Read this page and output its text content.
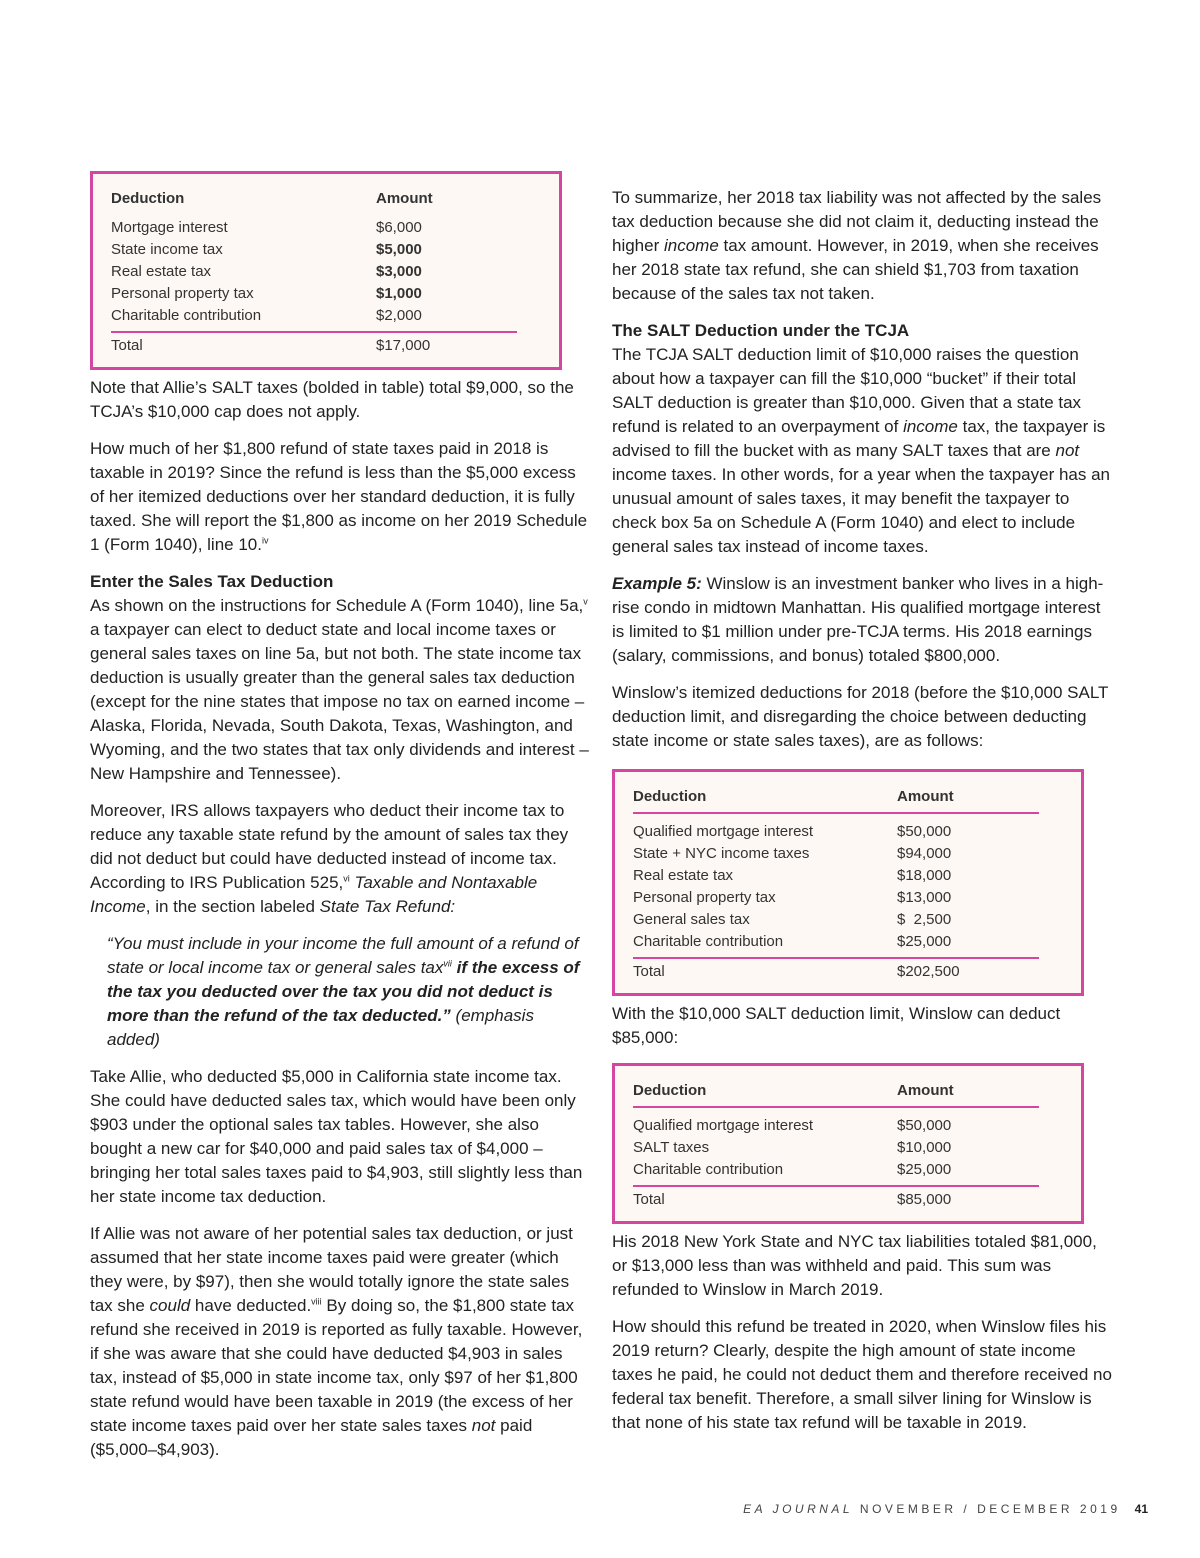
Deduction	Amount
Mortgage interest	$6,000
State income tax	$5,000
Real estate tax	$3,000
Personal property tax	$1,000
Charitable contribution	$2,000
Total	$17,000

Note that Allie’s SALT taxes (bolded in table) total $9,000, so the TCJA’s $10,000 cap does not apply.

How much of her $1,800 refund of state taxes paid in 2018 is taxable in 2019? Since the refund is less than the $5,000 excess of her itemized deductions over her standard deduction, it is fully taxed. She will report the $1,800 as income on her 2019 Schedule 1 (Form 1040), line 10.$^{iv}$

Enter the Sales Tax Deduction

As shown on the instructions for Schedule A (Form 1040), line 5a,$^v$ a taxpayer can elect to deduct state and local income taxes or general sales taxes on line 5a, but not both. The state income tax deduction is usually greater than the general sales tax deduction (except for the nine states that impose no tax on earned income – Alaska, Florida, Nevada, South Dakota, Texas, Washington, and Wyoming, and the two states that tax only dividends and interest – New Hampshire and Tennessee).

Moreover, IRS allows taxpayers who deduct their income tax to reduce any taxable state refund by the amount of sales tax they did not deduct but could have deducted instead of income tax. According to IRS Publication 525,$^{vi}$ Taxable and Nontaxable Income, in the section labeled State Tax Refund:

“You must include in your income the full amount of a refund of state or local income tax or general sales tax$^{vii}$ if the excess of the tax you deducted over the tax you did not deduct is more than the refund of the tax deducted.” (emphasis added)

Take Allie, who deducted $5,000 in California state income tax. She could have deducted sales tax, which would have been only $903 under the optional sales tax tables. However, she also bought a new car for $40,000 and paid sales tax of $4,000 – bringing her total sales taxes paid to $4,903, still slightly less than her state income tax deduction.

If Allie was not aware of her potential sales tax deduction, or just assumed that her state income taxes paid were greater (which they were, by $97), then she would totally ignore the state sales tax she could have deducted.$^{viii}$ By doing so, the $1,800 state tax refund she received in 2019 is reported as fully taxable. However, if she was aware that she could have deducted $4,903 in sales tax, instead of $5,000 in state income tax, only $97 of her $1,800 state refund would have been taxable in 2019 (the excess of her state income taxes paid over her state sales taxes not paid ($5,000–$4,903).

To summarize, her 2018 tax liability was not affected by the sales tax deduction because she did not claim it, deducting instead the higher income tax amount. However, in 2019, when she receives her 2018 state tax refund, she can shield $1,703 from taxation because of the sales tax not taken.

The SALT Deduction under the TCJA

The TCJA SALT deduction limit of $10,000 raises the question about how a taxpayer can fill the $10,000 “bucket” if their total SALT deduction is greater than $10,000. Given that a state tax refund is related to an overpayment of income tax, the taxpayer is advised to fill the bucket with as many SALT taxes that are not income taxes. In other words, for a year when the taxpayer has an unusual amount of sales taxes, it may benefit the taxpayer to check box 5a on Schedule A (Form 1040) and elect to include general sales tax instead of income taxes.

Example 5: Winslow is an investment banker who lives in a high-rise condo in midtown Manhattan. His qualified mortgage interest is limited to $1 million under pre-TCJA terms. His 2018 earnings (salary, commissions, and bonus) totaled $800,000.

Winslow’s itemized deductions for 2018 (before the $10,000 SALT deduction limit, and disregarding the choice between deducting state income or state sales taxes), are as follows:

Deduction	Amount
Qualified mortgage interest	$50,000
State + NYC income taxes	$94,000
Real estate tax	$18,000
Personal property tax	$13,000
General sales tax	$  2,500
Charitable contribution	$25,000
Total	$202,500

With the $10,000 SALT deduction limit, Winslow can deduct $85,000:

Deduction	Amount
Qualified mortgage interest	$50,000
SALT taxes	$10,000
Charitable contribution	$25,000
Total	$85,000

His 2018 New York State and NYC tax liabilities totaled $81,000, or $13,000 less than was withheld and paid. This sum was refunded to Winslow in March 2019.

How should this refund be treated in 2020, when Winslow files his 2019 return? Clearly, despite the high amount of state income taxes he paid, he could not deduct them and therefore received no federal tax benefit. Therefore, a small silver lining for Winslow is that none of his state tax refund will be taxable in 2019.

EA JOURNAL NOVEMBER / DECEMBER 2019 41
